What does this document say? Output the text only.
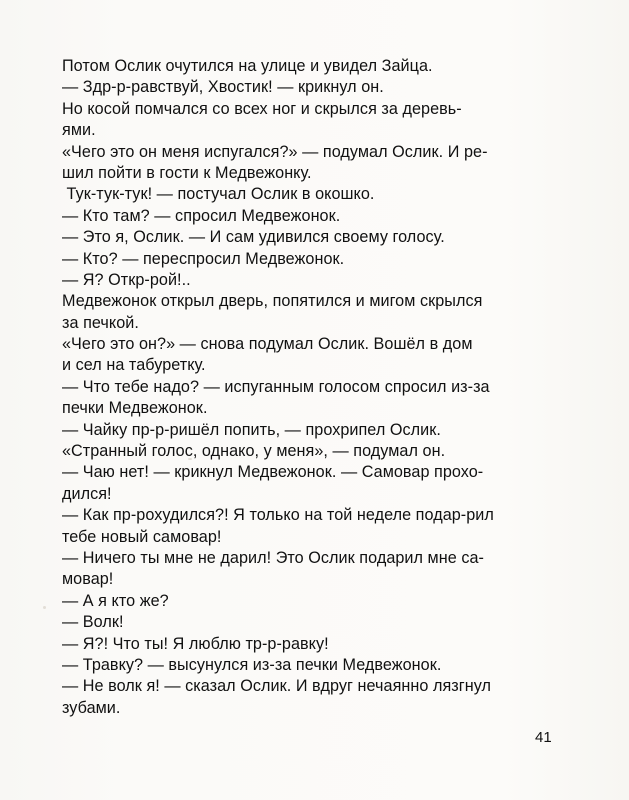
Потом Ослик очутился на улице и увидел Зайца.
— Здр-р-равствуй, Хвостик! — крикнул он.
Но косой помчался со всех ног и скрылся за деревь-
ями.
«Чего это он меня испугался?» — подумал Ослик. И ре-
шил пойти в гости к Медвежонку.
Тук-тук-тук! — постучал Ослик в окошко.
— Кто там? — спросил Медвежонок.
— Это я, Ослик. — И сам удивился своему голосу.
— Кто? — переспросил Медвежонок.
— Я? Откр-рой!..
Медвежонок открыл дверь, попятился и мигом скрылся
за печкой.
«Чего это он?» — снова подумал Ослик. Вошёл в дом
и сел на табуретку.
— Что тебе надо? — испуганным голосом спросил из-за
печки Медвежонок.
— Чайку пр-р-ришёл попить, — прохрипел Ослик.
«Странный голос, однако, у меня», — подумал он.
— Чаю нет! — крикнул Медвежонок. — Самовар прохо-
дился!
— Как пр-рохудился?! Я только на той неделе подар-рил
тебе новый самовар!
— Ничего ты мне не дарил! Это Ослик подарил мне са-
мовар!
— А я кто же?
— Волк!
— Я?! Что ты! Я люблю тр-р-равку!
— Травку? — высунулся из-за печки Медвежонок.
— Не волк я! — сказал Ослик. И вдруг нечаянно лязгнул
зубами.
41
